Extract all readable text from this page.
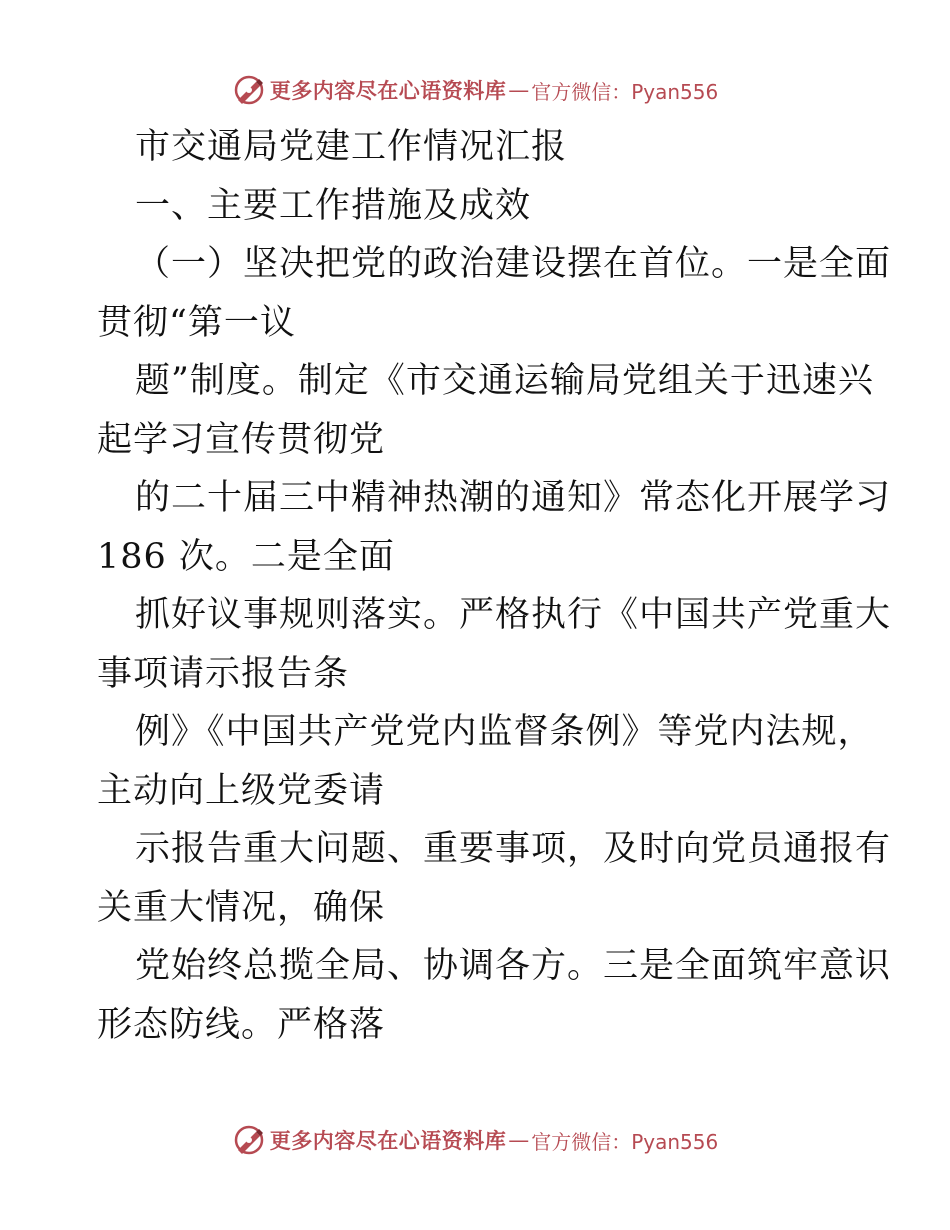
更多内容尽在心语资料库 — 官方微信：Pyan556
市交通局党建工作情况汇报
一、主要工作措施及成效
（一）坚决把党的政治建设摆在首位。一是全面
贯彻“第一议
题”制度。制定《市交通运输局党组关于迅速兴
起学习宣传贯彻党
的二十届三中精神热潮的通知》常态化开展学习
186 次。二是全面
抓好议事规则落实。严格执行《中国共产党重大
事项请示报告条
例》《中国共产党党内监督条例》等党内法规，
主动向上级党委请
示报告重大问题、重要事项，及时向党员通报有
关重大情况，确保
党始终总揽全局、协调各方。三是全面筑牢意识
形态防线。严格落
更多内容尽在心语资料库 — 官方微信：Pyan556
